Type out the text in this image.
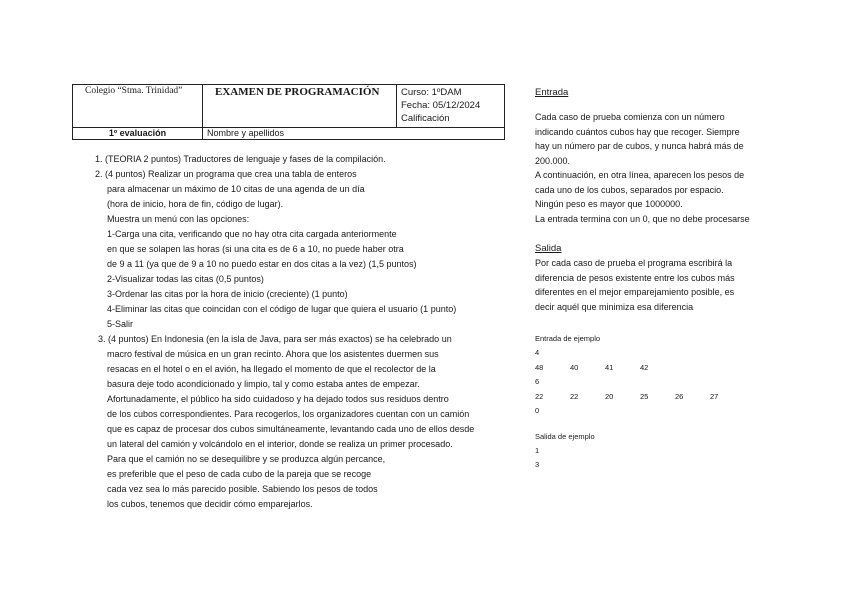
Colegio “Stma. Trinidad”	EXAMEN DE PROGRAMACIÓN	Curso: 1ºDAM
Fecha: 05/12/2024
Calificación

1º evaluación	Nombre y apellidos	

1. (TEORIA 2 puntos) Traductores de lenguaje y fases de la compilación.

2. (4 puntos) Realizar un programa que crea una tabla de enteros

para almacenar un máximo de 10 citas de una agenda de un día

(hora de inicio, hora de fin, código de lugar).

Muestra un menú con las opciones:

1-Carga una cita, verificando que no hay otra cita cargada anteriormente

en que se solapen las horas (si una cita es de 6 a 10, no puede haber otra

de 9 a 11 (ya que de 9 a 10 no puedo estar en dos citas a la vez) (1,5 puntos)

2-Visualizar todas las citas (0,5 puntos)

3-Ordenar las citas por la hora de inicio (creciente) (1 punto)

4-Eliminar las citas que coincidan con el código de lugar que quiera el usuario (1 punto)

5-Salir

3. (4 puntos) En Indonesia (en la isla de Java, para ser más exactos) se ha celebrado un

macro festival de música en un gran recinto. Ahora que los asistentes duermen sus

resacas en el hotel o en el avión, ha llegado el momento de que el recolector de la

basura deje todo acondicionado y limpio, tal y como estaba antes de empezar.

Afortunadamente, el público ha sido cuidadoso y ha dejado todos sus residuos dentro

de los cubos correspondientes. Para recogerlos, los organizadores cuentan con un camión

que es capaz de procesar dos cubos simultáneamente, levantando cada uno de ellos desde

un lateral del camión y volcándolo en el interior, donde se realiza un primer procesado.

Para que el camión no se desequilibre y se produzca algún percance,

es preferible que el peso de cada cubo de la pareja que se recoge

cada vez sea lo más parecido posible. Sabiendo los pesos de todos

los cubos, tenemos que decidir cómo emparejarlos.

Entrada

Cada caso de prueba comienza con un número

indicando cuántos cubos hay que recoger. Siempre

hay un número par de cubos, y nunca habrá más de

200.000.

A continuación, en otra línea, aparecen los pesos de

cada uno de los cubos, separados por espacio.

Ningún peso es mayor que 1000000.

La entrada termina con un 0, que no debe procesarse

Salida

Por cada caso de prueba el programa escribirá la

diferencia de pesos existente entre los cubos más

diferentes en el mejor emparejamiento posible, es

decir aquél que minimiza esa diferencia

Entrada de ejemplo

4
48	40	41	42
6
22	22	20	25	26	27
0

Salida de ejemplo

1
3
